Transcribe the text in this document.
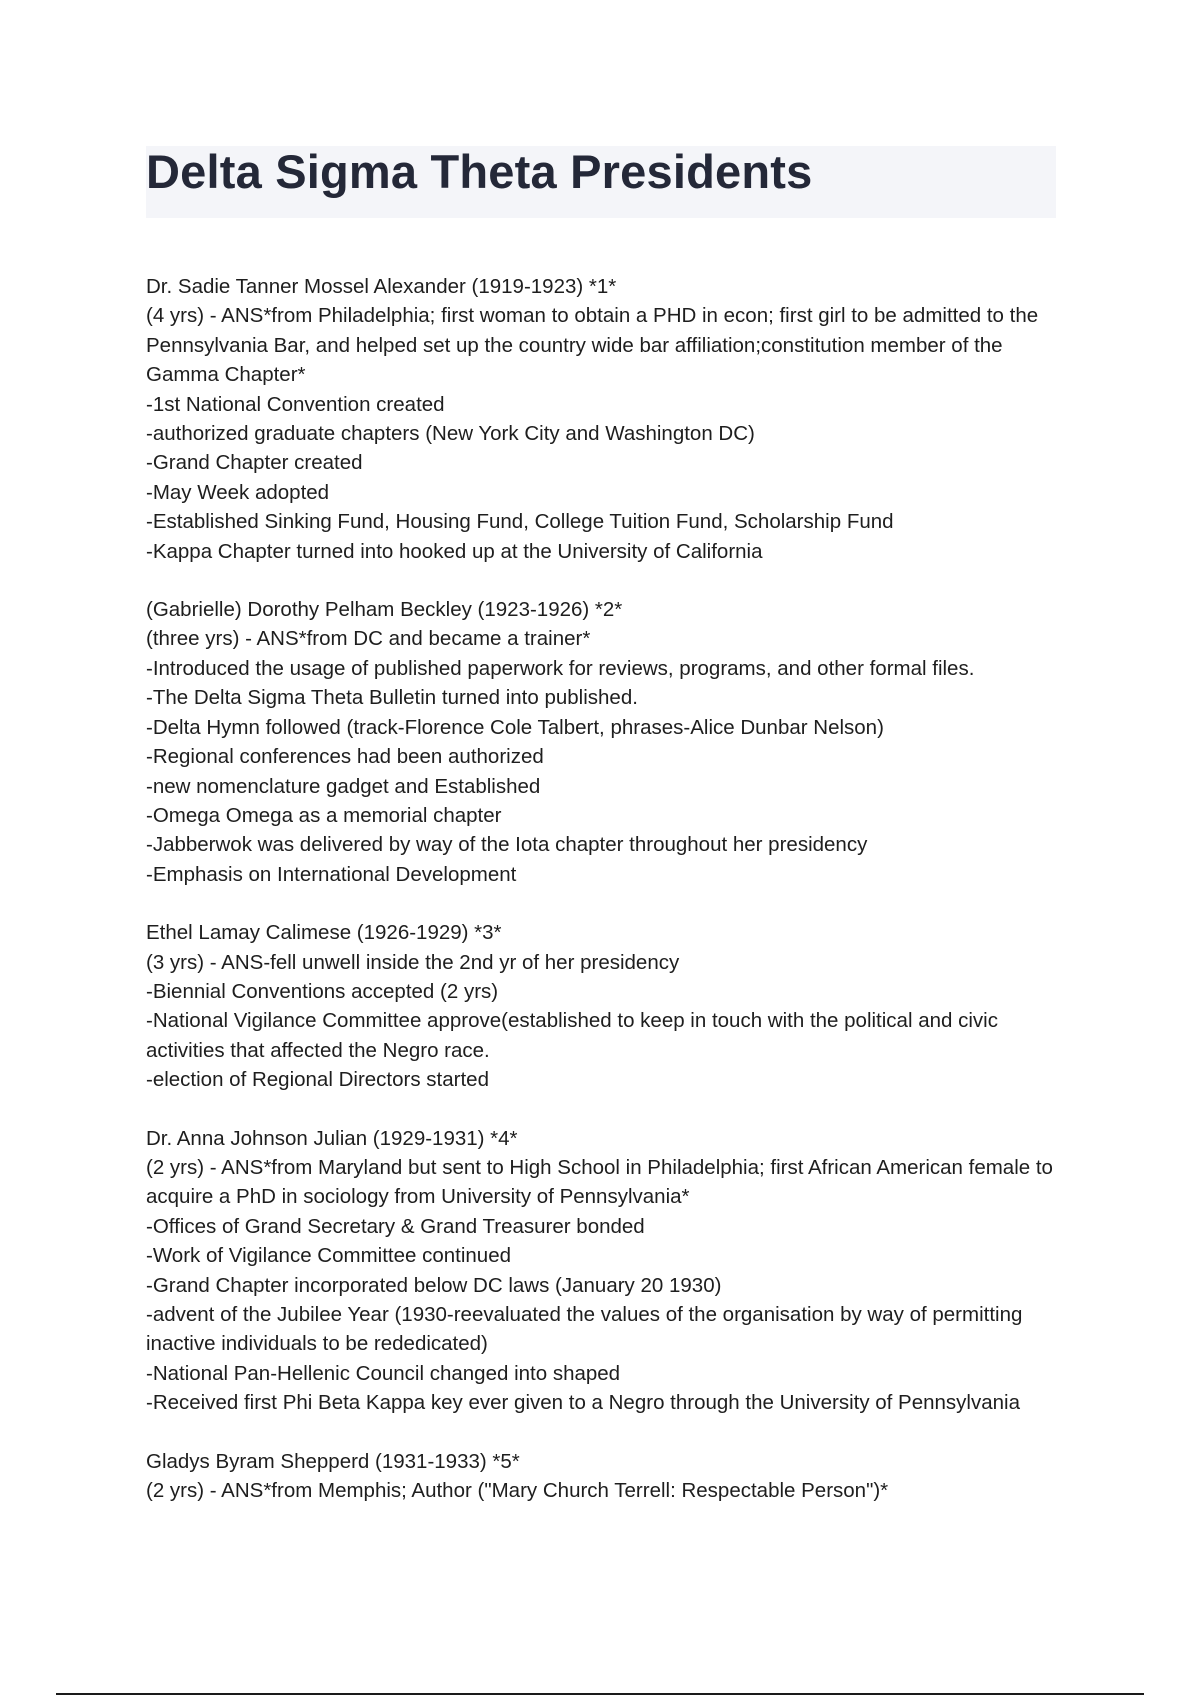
Delta Sigma Theta Presidents
Dr. Sadie Tanner Mossel Alexander (1919-1923) *1*
(4 yrs) - ANS*from Philadelphia; first woman to obtain a PHD in econ; first girl to be admitted to the Pennsylvania Bar, and helped set up the country wide bar affiliation;constitution member of the Gamma Chapter*
-1st National Convention created
-authorized graduate chapters (New York City and Washington DC)
-Grand Chapter created
-May Week adopted
-Established Sinking Fund, Housing Fund, College Tuition Fund, Scholarship Fund
-Kappa Chapter turned into hooked up at the University of California
(Gabrielle) Dorothy Pelham Beckley (1923-1926) *2*
(three yrs) - ANS*from DC and became a trainer*
-Introduced the usage of published paperwork for reviews, programs, and other formal files.
-The Delta Sigma Theta Bulletin turned into published.
-Delta Hymn followed (track-Florence Cole Talbert, phrases-Alice Dunbar Nelson)
-Regional conferences had been authorized
-new nomenclature gadget and Established
-Omega Omega as a memorial chapter
-Jabberwok was delivered by way of the Iota chapter throughout her presidency
-Emphasis on International Development
Ethel Lamay Calimese (1926-1929) *3*
(3 yrs) - ANS-fell unwell inside the 2nd yr of her presidency
-Biennial Conventions accepted (2 yrs)
-National Vigilance Committee approve(established to keep in touch with the political and civic activities that affected the Negro race.
-election of Regional Directors started
Dr. Anna Johnson Julian (1929-1931) *4*
(2 yrs) - ANS*from Maryland but sent to High School in Philadelphia; first African American female to acquire a PhD in sociology from University of Pennsylvania*
-Offices of Grand Secretary & Grand Treasurer bonded
-Work of Vigilance Committee continued
-Grand Chapter incorporated below DC laws (January 20 1930)
-advent of the Jubilee Year (1930-reevaluated the values of the organisation by way of permitting inactive individuals to be rededicated)
-National Pan-Hellenic Council changed into shaped
-Received first Phi Beta Kappa key ever given to a Negro through the University of Pennsylvania
Gladys Byram Shepperd (1931-1933) *5*
(2 yrs) - ANS*from Memphis; Author ("Mary Church Terrell: Respectable Person")*
